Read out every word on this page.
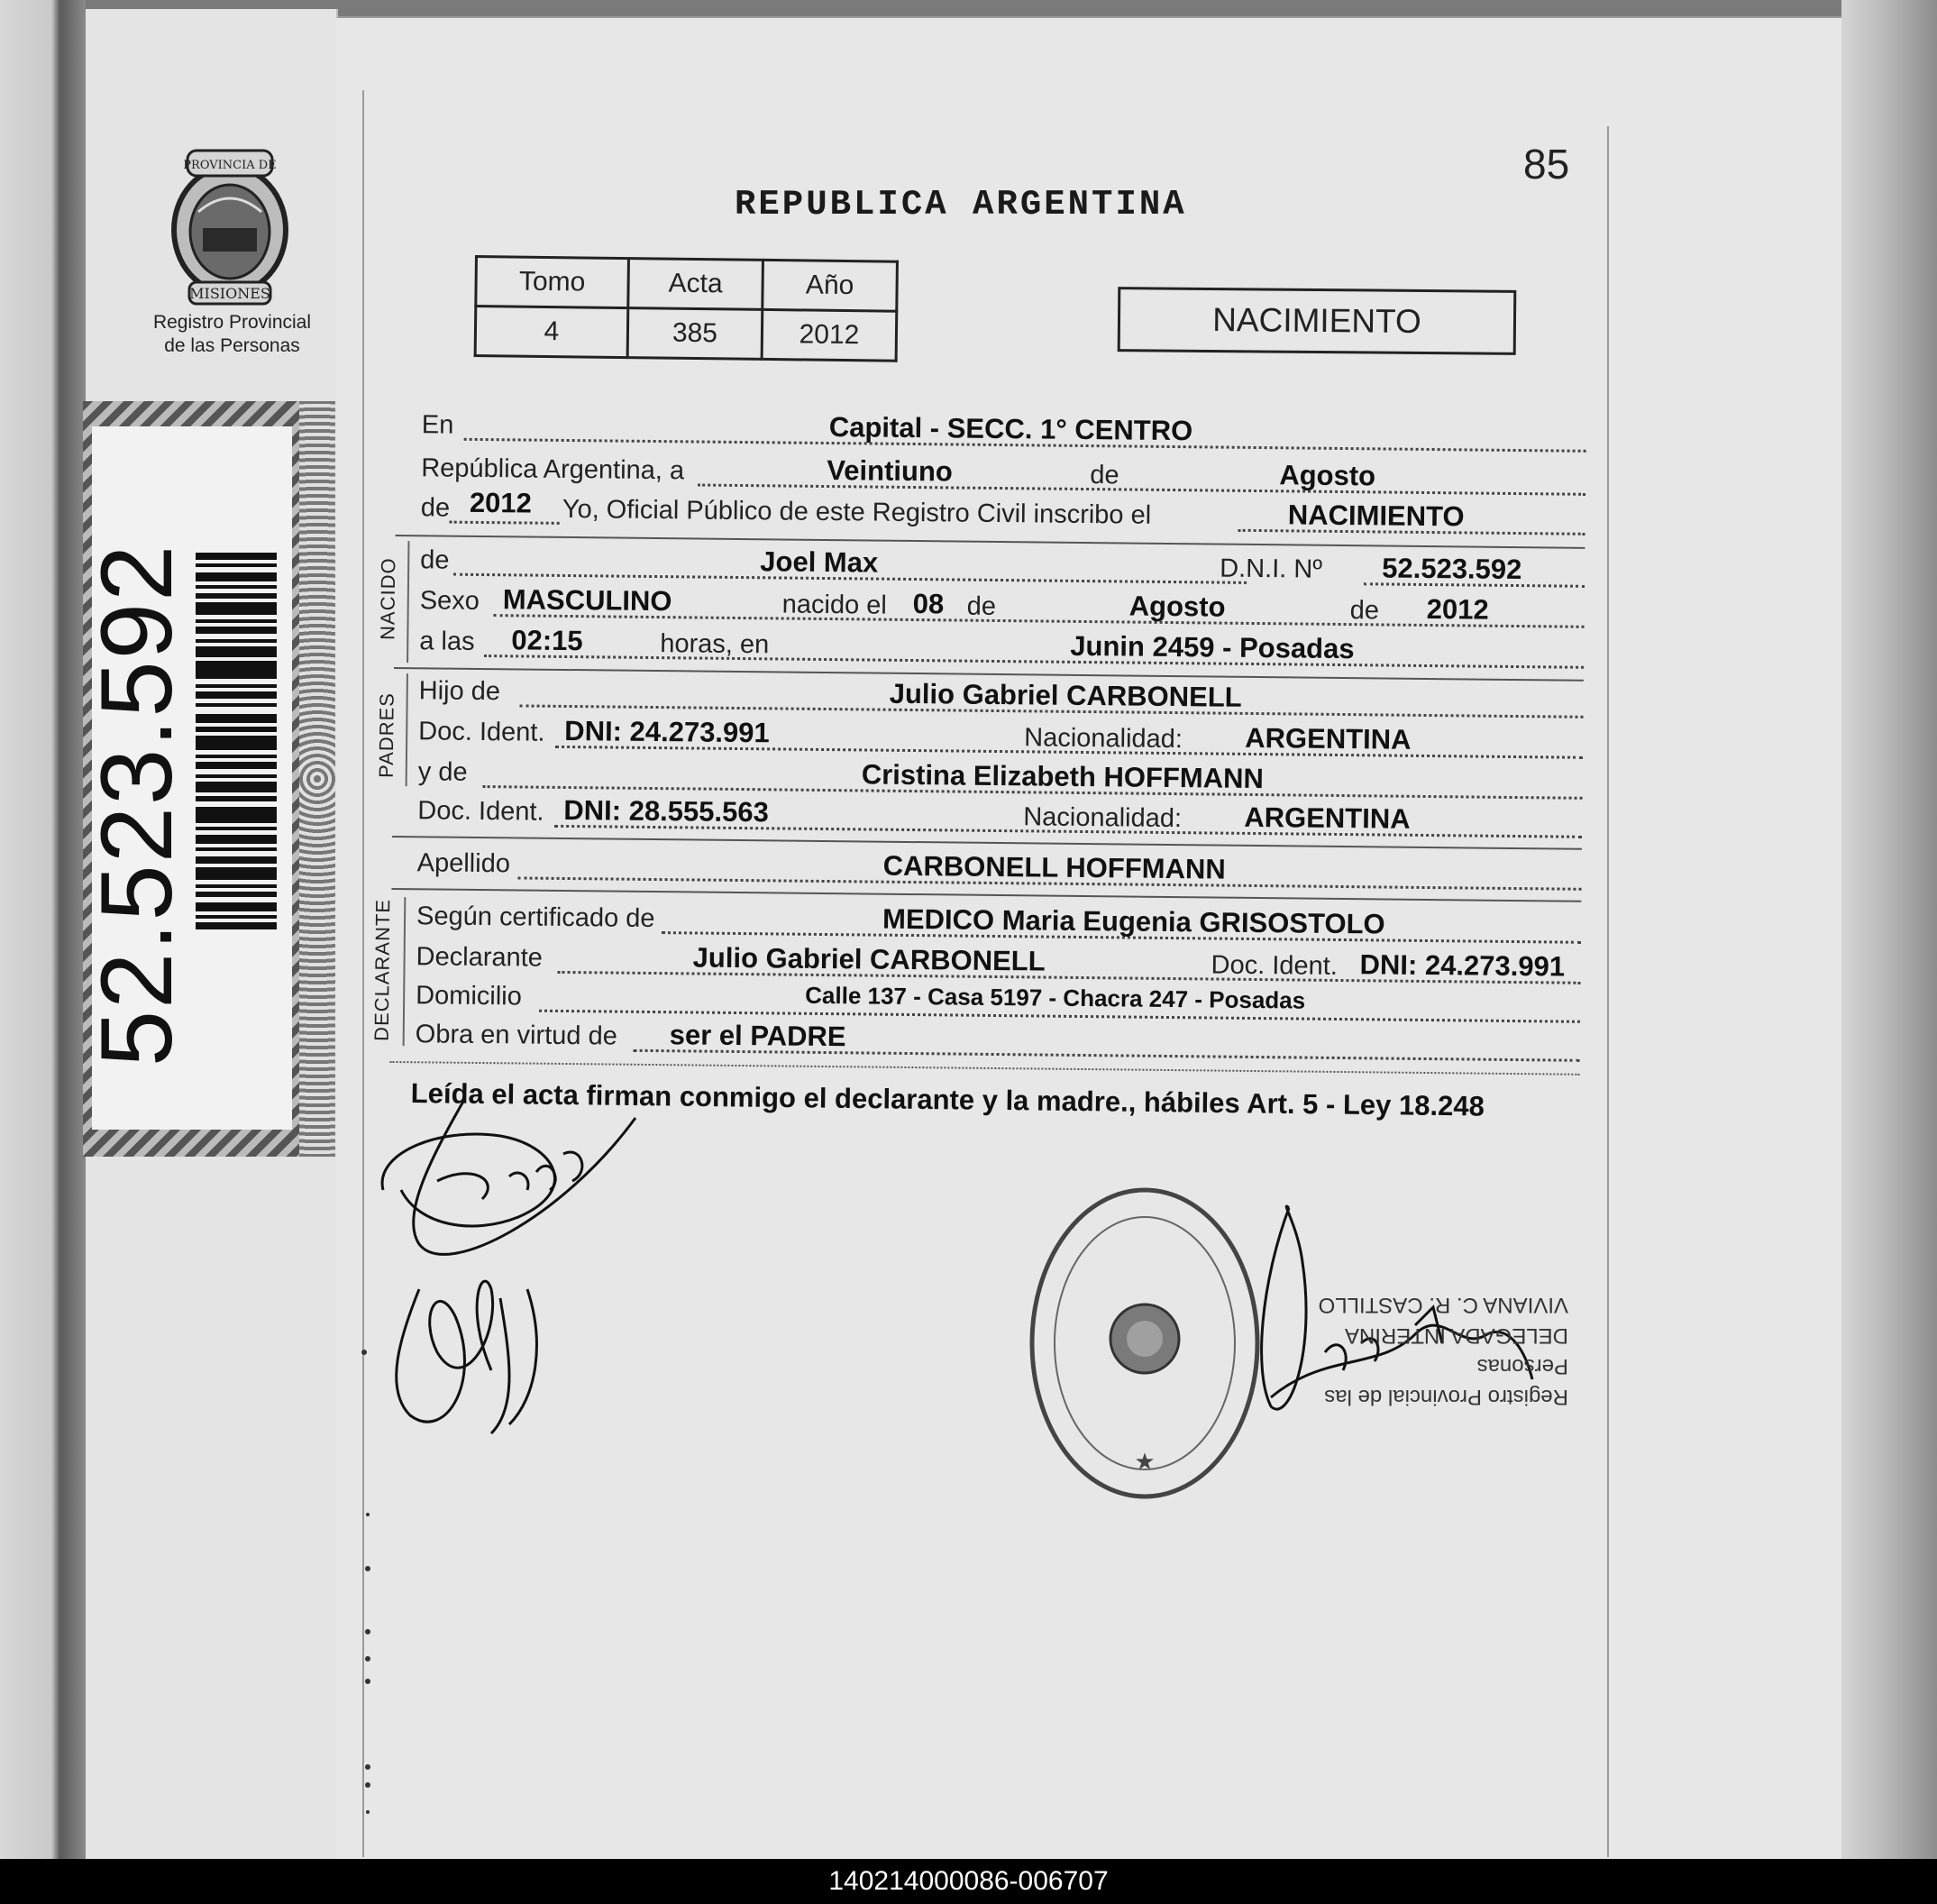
PROVINCIA DE
MISIONES
Registro Provincial
de las Personas
52.523.592
85
REPUBLICA ARGENTINA
Tomo	Acta	Año
4	385	2012	NACIMIENTO
En	Capital - SECC. 1° CENTRO
República Argentina, a	Veintiuno	de	Agosto
de 2012 Yo, Oficial Público de este Registro Civil inscribo el	NACIMIENTO
NACIDO de	Joel Max	D.N.I. Nº 52.523.592
Sexo MASCULINO	nacido el 08 de	Agosto	de 2012
a las 02:15	horas, en	Junin 2459 - Posadas
PADRES
Hijo de	Julio Gabriel CARBONELL
Doc. Ident. DNI: 24.273.991	Nacionalidad: ARGENTINA
y de	Cristina Elizabeth HOFFMANN
Doc. Ident. DNI: 28.555.563	Nacionalidad: ARGENTINA
Apellido	CARBONELL HOFFMANN
DECLARANTE Según certificado de	MEDICO Maria Eugenia GRISOSTOLO
Declarante	Julio Gabriel CARBONELL	Doc. Ident. DNI: 24.273.991
Domicilio	Calle 137 - Casa 5197 - Chacra 247 - Posadas
Obra en virtud de ser el PADRE
Leída el acta firman conmigo el declarante y la madre., hábiles Art. 5 - Ley 18.248
★
Registro Provincial de las Personas
DELEGADA INTERINA
VIVIANA C. R. CASTILLO
140214000086-006707
